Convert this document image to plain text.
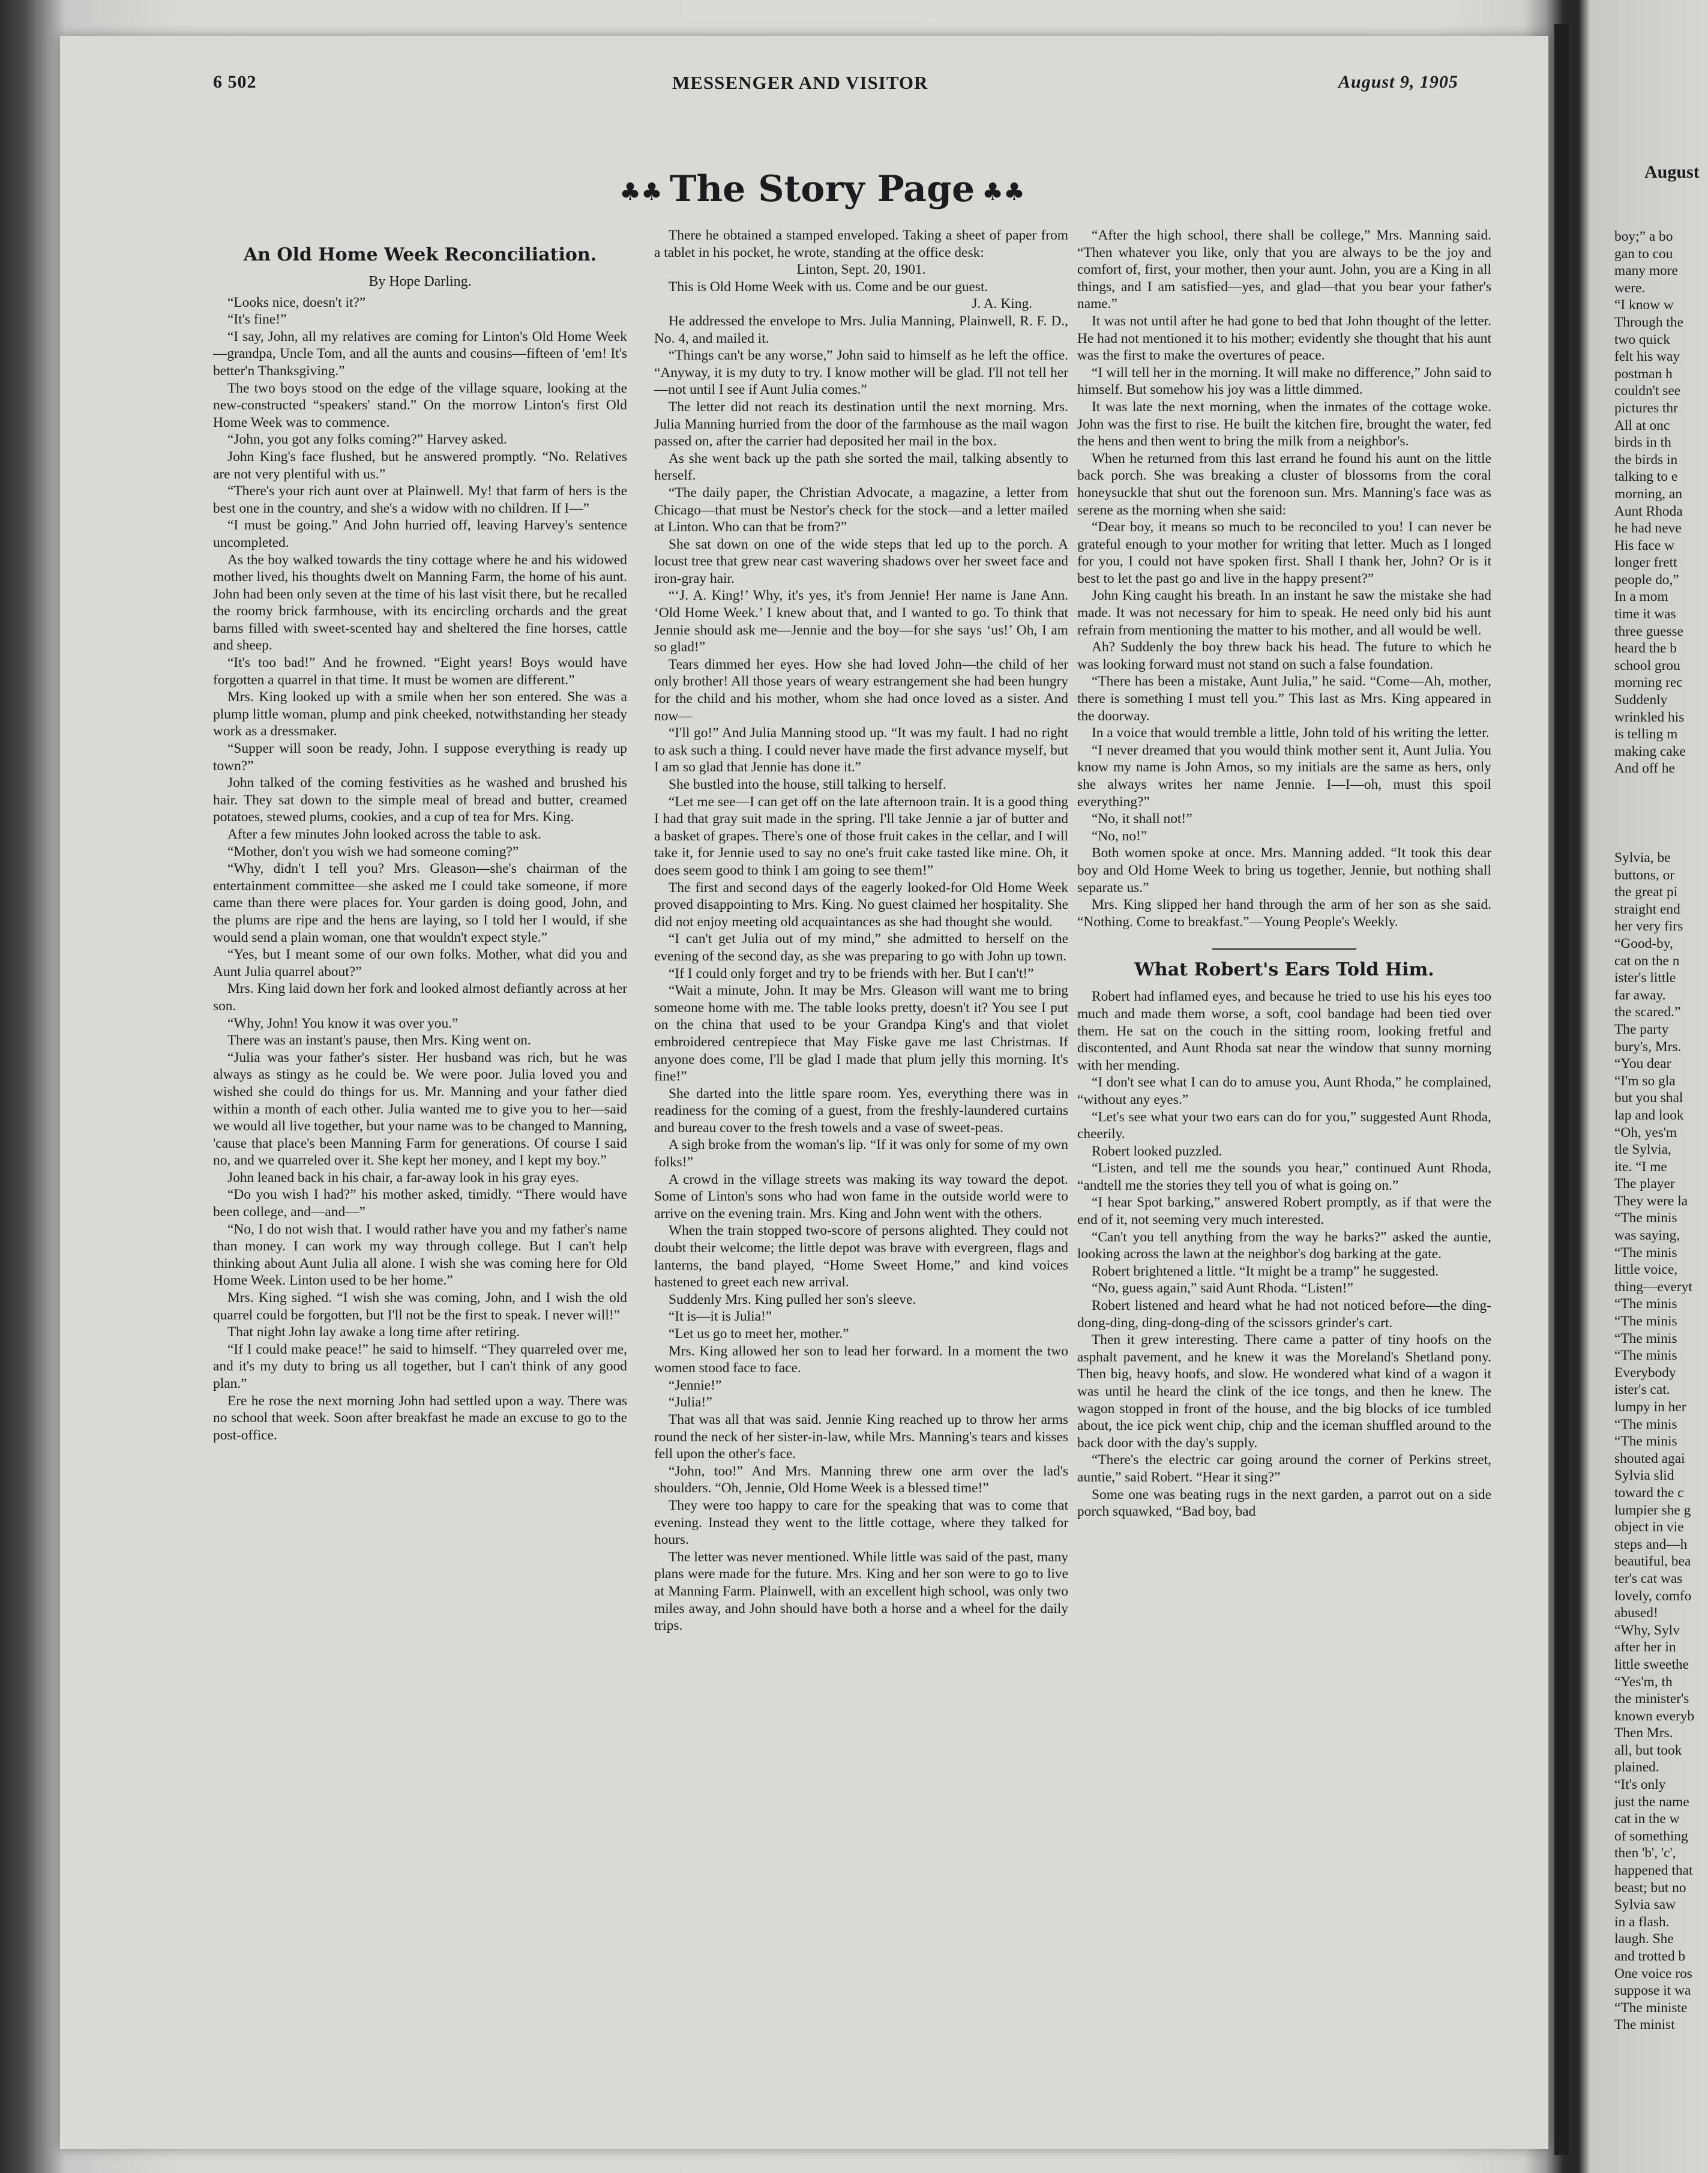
6 502	MESSENGER AND VISITOR	August 9, 1905
♣♣ The Story Page ♣♣
An Old Home Week Reconciliation.

By Hope Darling.

“Looks nice, doesn't it?”

“It's fine!”

“I say, John, all my relatives are coming for Linton's Old Home Week—grandpa, Uncle Tom, and all the aunts and cousins—fifteen of 'em! It's better'n Thanksgiving.”

The two boys stood on the edge of the village square, looking at the new-constructed “speakers' stand.” On the morrow Linton's first Old Home Week was to commence.

“John, you got any folks coming?” Harvey asked.

John King's face flushed, but he answered promptly. “No. Relatives are not very plentiful with us.”

“There's your rich aunt over at Plainwell. My! that farm of hers is the best one in the country, and she's a widow with no children. If I—”

“I must be going.” And John hurried off, leaving Harvey's sentence uncompleted.

As the boy walked towards the tiny cottage where he and his widowed mother lived, his thoughts dwelt on Manning Farm, the home of his aunt. John had been only seven at the time of his last visit there, but he recalled the roomy brick farmhouse, with its encircling orchards and the great barns filled with sweet-scented hay and sheltered the fine horses, cattle and sheep.

“It's too bad!” And he frowned. “Eight years! Boys would have forgotten a quarrel in that time. It must be women are different.”

Mrs. King looked up with a smile when her son entered. She was a plump little woman, plump and pink cheeked, notwithstanding her steady work as a dressmaker.

“Supper will soon be ready, John. I suppose everything is ready up town?”

John talked of the coming festivities as he washed and brushed his hair. They sat down to the simple meal of bread and butter, creamed potatoes, stewed plums, cookies, and a cup of tea for Mrs. King.

After a few minutes John looked across the table to ask.

“Mother, don't you wish we had someone coming?”

“Why, didn't I tell you? Mrs. Gleason—she's chairman of the entertainment committee—she asked me I could take someone, if more came than there were places for. Your garden is doing good, John, and the plums are ripe and the hens are laying, so I told her I would, if she would send a plain woman, one that wouldn't expect style.”

“Yes, but I meant some of our own folks. Mother, what did you and Aunt Julia quarrel about?”

Mrs. King laid down her fork and looked almost defiantly across at her son.

“Why, John! You know it was over you.”

There was an instant's pause, then Mrs. King went on.

“Julia was your father's sister. Her husband was rich, but he was always as stingy as he could be. We were poor. Julia loved you and wished she could do things for us. Mr. Manning and your father died within a month of each other. Julia wanted me to give you to her—said we would all live together, but your name was to be changed to Manning, 'cause that place's been Manning Farm for generations. Of course I said no, and we quarreled over it. She kept her money, and I kept my boy.”

John leaned back in his chair, a far-away look in his gray eyes.

“Do you wish I had?” his mother asked, timidly. “There would have been college, and—and—”

“No, I do not wish that. I would rather have you and my father's name than money. I can work my way through college. But I can't help thinking about Aunt Julia all alone. I wish she was coming here for Old Home Week. Linton used to be her home.”

Mrs. King sighed. “I wish she was coming, John, and I wish the old quarrel could be forgotten, but I'll not be the first to speak. I never will!”

That night John lay awake a long time after retiring.

“If I could make peace!” he said to himself. “They quarreled over me, and it's my duty to bring us all together, but I can't think of any good plan.”

Ere he rose the next morning John had settled upon a way. There was no school that week. Soon after breakfast he made an excuse to go to the post-office.

There he obtained a stamped enveloped. Taking a sheet of paper from a tablet in his pocket, he wrote, standing at the office desk:

Linton, Sept. 20, 1901.

This is Old Home Week with us. Come and be our guest.

J. A. King.

He addressed the envelope to Mrs. Julia Manning, Plainwell, R. F. D., No. 4, and mailed it.

“Things can't be any worse,” John said to himself as he left the office. “Anyway, it is my duty to try. I know mother will be glad. I'll not tell her—not until I see if Aunt Julia comes.”

The letter did not reach its destination until the next morning. Mrs. Julia Manning hurried from the door of the farmhouse as the mail wagon passed on, after the carrier had deposited her mail in the box.

As she went back up the path she sorted the mail, talking absently to herself.

“The daily paper, the Christian Advocate, a magazine, a letter from Chicago—that must be Nestor's check for the stock—and a letter mailed at Linton. Who can that be from?”

She sat down on one of the wide steps that led up to the porch. A locust tree that grew near cast wavering shadows over her sweet face and iron-gray hair.

“‘J. A. King!’ Why, it's yes, it's from Jennie! Her name is Jane Ann. ‘Old Home Week.’ I knew about that, and I wanted to go. To think that Jennie should ask me—Jennie and the boy—for she says ‘us!’ Oh, I am so glad!”

Tears dimmed her eyes. How she had loved John—the child of her only brother! All those years of weary estrangement she had been hungry for the child and his mother, whom she had once loved as a sister. And now—

“I'll go!” And Julia Manning stood up. “It was my fault. I had no right to ask such a thing. I could never have made the first advance myself, but I am so glad that Jennie has done it.”

She bustled into the house, still talking to herself.

“Let me see—I can get off on the late afternoon train. It is a good thing I had that gray suit made in the spring. I'll take Jennie a jar of butter and a basket of grapes. There's one of those fruit cakes in the cellar, and I will take it, for Jennie used to say no one's fruit cake tasted like mine. Oh, it does seem good to think I am going to see them!”

The first and second days of the eagerly looked-for Old Home Week proved disappointing to Mrs. King. No guest claimed her hospitality. She did not enjoy meeting old acquaintances as she had thought she would.

“I can't get Julia out of my mind,” she admitted to herself on the evening of the second day, as she was preparing to go with John up town.

“If I could only forget and try to be friends with her. But I can't!”

“Wait a minute, John. It may be Mrs. Gleason will want me to bring someone home with me. The table looks pretty, doesn't it? You see I put on the china that used to be your Grandpa King's and that violet embroidered centrepiece that May Fiske gave me last Christmas. If anyone does come, I'll be glad I made that plum jelly this morning. It's fine!”

She darted into the little spare room. Yes, everything there was in readiness for the coming of a guest, from the freshly-laundered curtains and bureau cover to the fresh towels and a vase of sweet-peas.

A sigh broke from the woman's lip. “If it was only for some of my own folks!”

A crowd in the village streets was making its way toward the depot. Some of Linton's sons who had won fame in the outside world were to arrive on the evening train. Mrs. King and John went with the others.

When the train stopped two-score of persons alighted. They could not doubt their welcome; the little depot was brave with evergreen, flags and lanterns, the band played, “Home Sweet Home,” and kind voices hastened to greet each new arrival.

Suddenly Mrs. King pulled her son's sleeve.

“It is—it is Julia!”

“Let us go to meet her, mother.”

Mrs. King allowed her son to lead her forward. In a moment the two women stood face to face.

“Jennie!”

“Julia!”

That was all that was said. Jennie King reached up to throw her arms round the neck of her sister-in-law, while Mrs. Manning's tears and kisses fell upon the other's face.

“John, too!” And Mrs. Manning threw one arm over the lad's shoulders. “Oh, Jennie, Old Home Week is a blessed time!”

They were too happy to care for the speaking that was to come that evening. Instead they went to the little cottage, where they talked for hours.

The letter was never mentioned. While little was said of the past, many plans were made for the future. Mrs. King and her son were to go to live at Manning Farm. Plainwell, with an excellent high school, was only two miles away, and John should have both a horse and a wheel for the daily trips.

“After the high school, there shall be college,” Mrs. Manning said. “Then whatever you like, only that you are always to be the joy and comfort of, first, your mother, then your aunt. John, you are a King in all things, and I am satisfied—yes, and glad—that you bear your father's name.”

It was not until after he had gone to bed that John thought of the letter. He had not mentioned it to his mother; evidently she thought that his aunt was the first to make the overtures of peace.

“I will tell her in the morning. It will make no difference,” John said to himself. But somehow his joy was a little dimmed.

It was late the next morning, when the inmates of the cottage woke. John was the first to rise. He built the kitchen fire, brought the water, fed the hens and then went to bring the milk from a neighbor's.

When he returned from this last errand he found his aunt on the little back porch. She was breaking a cluster of blossoms from the coral honeysuckle that shut out the forenoon sun. Mrs. Manning's face was as serene as the morning when she said:

“Dear boy, it means so much to be reconciled to you! I can never be grateful enough to your mother for writing that letter. Much as I longed for you, I could not have spoken first. Shall I thank her, John? Or is it best to let the past go and live in the happy present?”

John King caught his breath. In an instant he saw the mistake she had made. It was not necessary for him to speak. He need only bid his aunt refrain from mentioning the matter to his mother, and all would be well.

Ah? Suddenly the boy threw back his head. The future to which he was looking forward must not stand on such a false foundation.

“There has been a mistake, Aunt Julia,” he said. “Come—Ah, mother, there is something I must tell you.” This last as Mrs. King appeared in the doorway.

In a voice that would tremble a little, John told of his writing the letter.

“I never dreamed that you would think mother sent it, Aunt Julia. You know my name is John Amos, so my initials are the same as hers, only she always writes her name Jennie. I—I—oh, must this spoil everything?”

“No, it shall not!”

“No, no!”

Both women spoke at once. Mrs. Manning added. “It took this dear boy and Old Home Week to bring us together, Jennie, but nothing shall separate us.”

Mrs. King slipped her hand through the arm of her son as she said. “Nothing. Come to breakfast.”—Young People's Weekly.

What Robert's Ears Told Him.

Robert had inflamed eyes, and because he tried to use his his eyes too much and made them worse, a soft, cool bandage had been tied over them. He sat on the couch in the sitting room, looking fretful and discontented, and Aunt Rhoda sat near the window that sunny morning with her mending.

“I don't see what I can do to amuse you, Aunt Rhoda,” he complained, “without any eyes.”

“Let's see what your two ears can do for you,” suggested Aunt Rhoda, cheerily.

Robert looked puzzled.

“Listen, and tell me the sounds you hear,” continued Aunt Rhoda, “andtell me the stories they tell you of what is going on.”

“I hear Spot barking,” answered Robert promptly, as if that were the end of it, not seeming very much interested.

“Can't you tell anything from the way he barks?” asked the auntie, looking across the lawn at the neighbor's dog barking at the gate.

Robert brightened a little. “It might be a tramp” he suggested.

“No, guess again,” said Aunt Rhoda. “Listen!”

Robert listened and heard what he had not noticed before—the ding-dong-ding, ding-dong-ding of the scissors grinder's cart.

Then it grew interesting. There came a patter of tiny hoofs on the asphalt pavement, and he knew it was the Moreland's Shetland pony. Then big, heavy hoofs, and slow. He wondered what kind of a wagon it was until he heard the clink of the ice tongs, and then he knew. The wagon stopped in front of the house, and the big blocks of ice tumbled about, the ice pick went chip, chip and the iceman shuffled around to the back door with the day's supply.

“There's the electric car going around the corner of Perkins street, auntie,” said Robert. “Hear it sing?”

Some one was beating rugs in the next garden, a parrot out on a side porch squawked, “Bad boy, bad

August

boy;” a bo

gan to cou

many more

were.

“I know w

Through the

two quick

felt his way

postman h

couldn't see

pictures thr

All at onc

birds in th

the birds in

talking to e

morning, an

Aunt Rhoda

he had neve

His face w

longer frett

people do,”

In a mom

time it was

three guesse

heard the b

school grou

morning rec

Suddenly

wrinkled his

is telling m

making cake

And off he

Sylvia, be

buttons, or

the great pi

straight end

her very firs

“Good-by,

cat on the n

ister's little

far away.

the scared.”

The party

bury's, Mrs.

“You dear

“I'm so gla

but you shal

lap and look

“Oh, yes'm

tle Sylvia,

ite. “I me

The player

They were la

“The minis

was saying,

“The minis

little voice,

thing—everyt

“The minis

“The minis

“The minis

“The minis

Everybody

ister's cat.

lumpy in her

“The minis

“The minis

shouted agai

Sylvia slid

toward the c

lumpier she g

object in vie

steps and—h

beautiful, bea

ter's cat was

lovely, comfo

abused!

“Why, Sylv

after her in

little sweethe

“Yes'm, th

the minister's

known everyb

Then Mrs.

all, but took

plained.

“It's only

just the name

cat in the w

of something

then 'b', 'c',

happened that

beast; but no

Sylvia saw

in a flash.

laugh. She

and trotted b

One voice ros

suppose it wa

“The ministe

The minist
